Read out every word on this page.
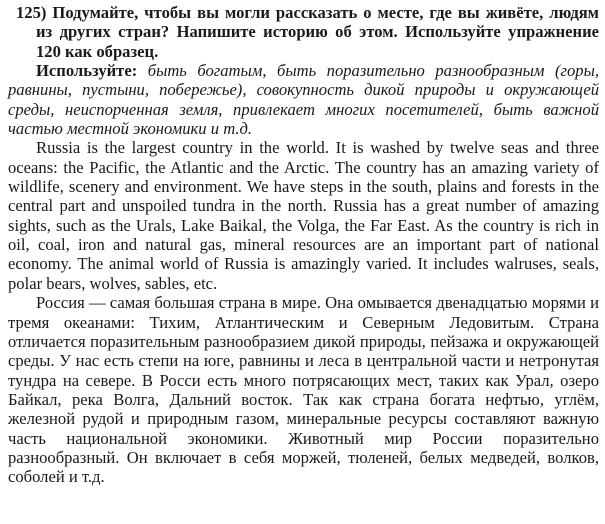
125) Подумайте, чтобы вы могли рассказать о месте, где вы живёте, людям из других стран? Напишите историю об этом. Используйте упражнение 120 как образец.

Используйте: быть богатым, быть поразительно разнообразным (горы, равнины, пустыни, побережье), совокупность дикой природы и окружающей среды, неиспорченная земля, привлекает многих посетителей, быть важной частью местной экономики и т.д.

Russia is the largest country in the world. It is washed by twelve seas and three oceans: the Pacific, the Atlantic and the Arctic. The country has an amazing variety of wildlife, scenery and environment. We have steps in the south, plains and forests in the central part and unspoiled tundra in the north. Russia has a great number of amazing sights, such as the Urals, Lake Baikal, the Volga, the Far East. As the country is rich in oil, coal, iron and natural gas, mineral resources are an important part of national economy. The animal world of Russia is amazingly varied. It includes walruses, seals, polar bears, wolves, sables, etc.

Россия — самая большая страна в мире. Она омывается двенадцатью морями и тремя океанами: Тихим, Атлантическим и Северным Ледовитым. Страна отличается поразительным разнообразием дикой природы, пейзажа и окружающей среды. У нас есть степи на юге, равнины и леса в центральной части и нетронутая тундра на севере. В Росси есть много потрясающих мест, таких как Урал, озеро Байкал, река Волга, Дальний восток. Так как страна богата нефтью, углём, железной рудой и природным газом, минеральные ресурсы составляют важную часть национальной экономики. Животный мир России поразительно разнообразный. Он включает в себя моржей, тюленей, белых медведей, волков, соболей и т.д.
